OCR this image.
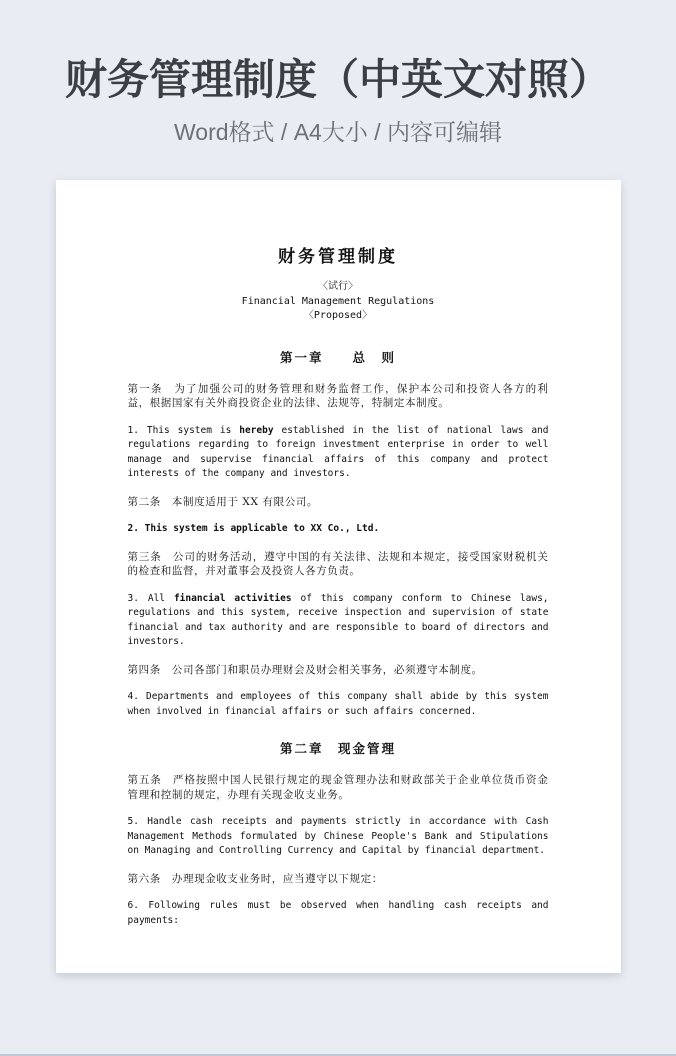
财务管理制度（中英文对照）

Word格式 / A4大小 / 内容可编辑

财务管理制度
〈试行〉
Financial Management Regulations
〈Proposed〉
第一章　　总　则

第一条　为了加强公司的财务管理和财务监督工作，保护本公司和投资人各方的利益，根据国家有关外商投资企业的法律、法规等，特制定本制度。

1. This system is hereby established in the list of national laws and regulations regarding to foreign investment enterprise in order to well manage and supervise financial affairs of this company and protect interests of the company and investors.

第二条　本制度适用于 XX 有限公司。

2. This system is applicable to XX Co., Ltd.

第三条　公司的财务活动，遵守中国的有关法律、法规和本规定，接受国家财税机关的检查和监督，并对董事会及投资人各方负责。

3. All financial activities of this company conform to Chinese laws, regulations and this system, receive inspection and supervision of state financial and tax authority and are responsible to board of directors and investors.

第四条　公司各部门和职员办理财会及财会相关事务，必须遵守本制度。

4. Departments and employees of this company shall abide by this system when involved in financial affairs or such affairs concerned.

第二章　现金管理

第五条　严格按照中国人民银行规定的现金管理办法和财政部关于企业单位货币资金管理和控制的规定，办理有关现金收支业务。

5. Handle cash receipts and payments strictly in accordance with Cash Management Methods formulated by Chinese People's Bank and Stipulations on Managing and Controlling Currency and Capital by financial department.

第六条　办理现金收支业务时，应当遵守以下规定：

6. Following rules must be observed when handling cash receipts and payments:
